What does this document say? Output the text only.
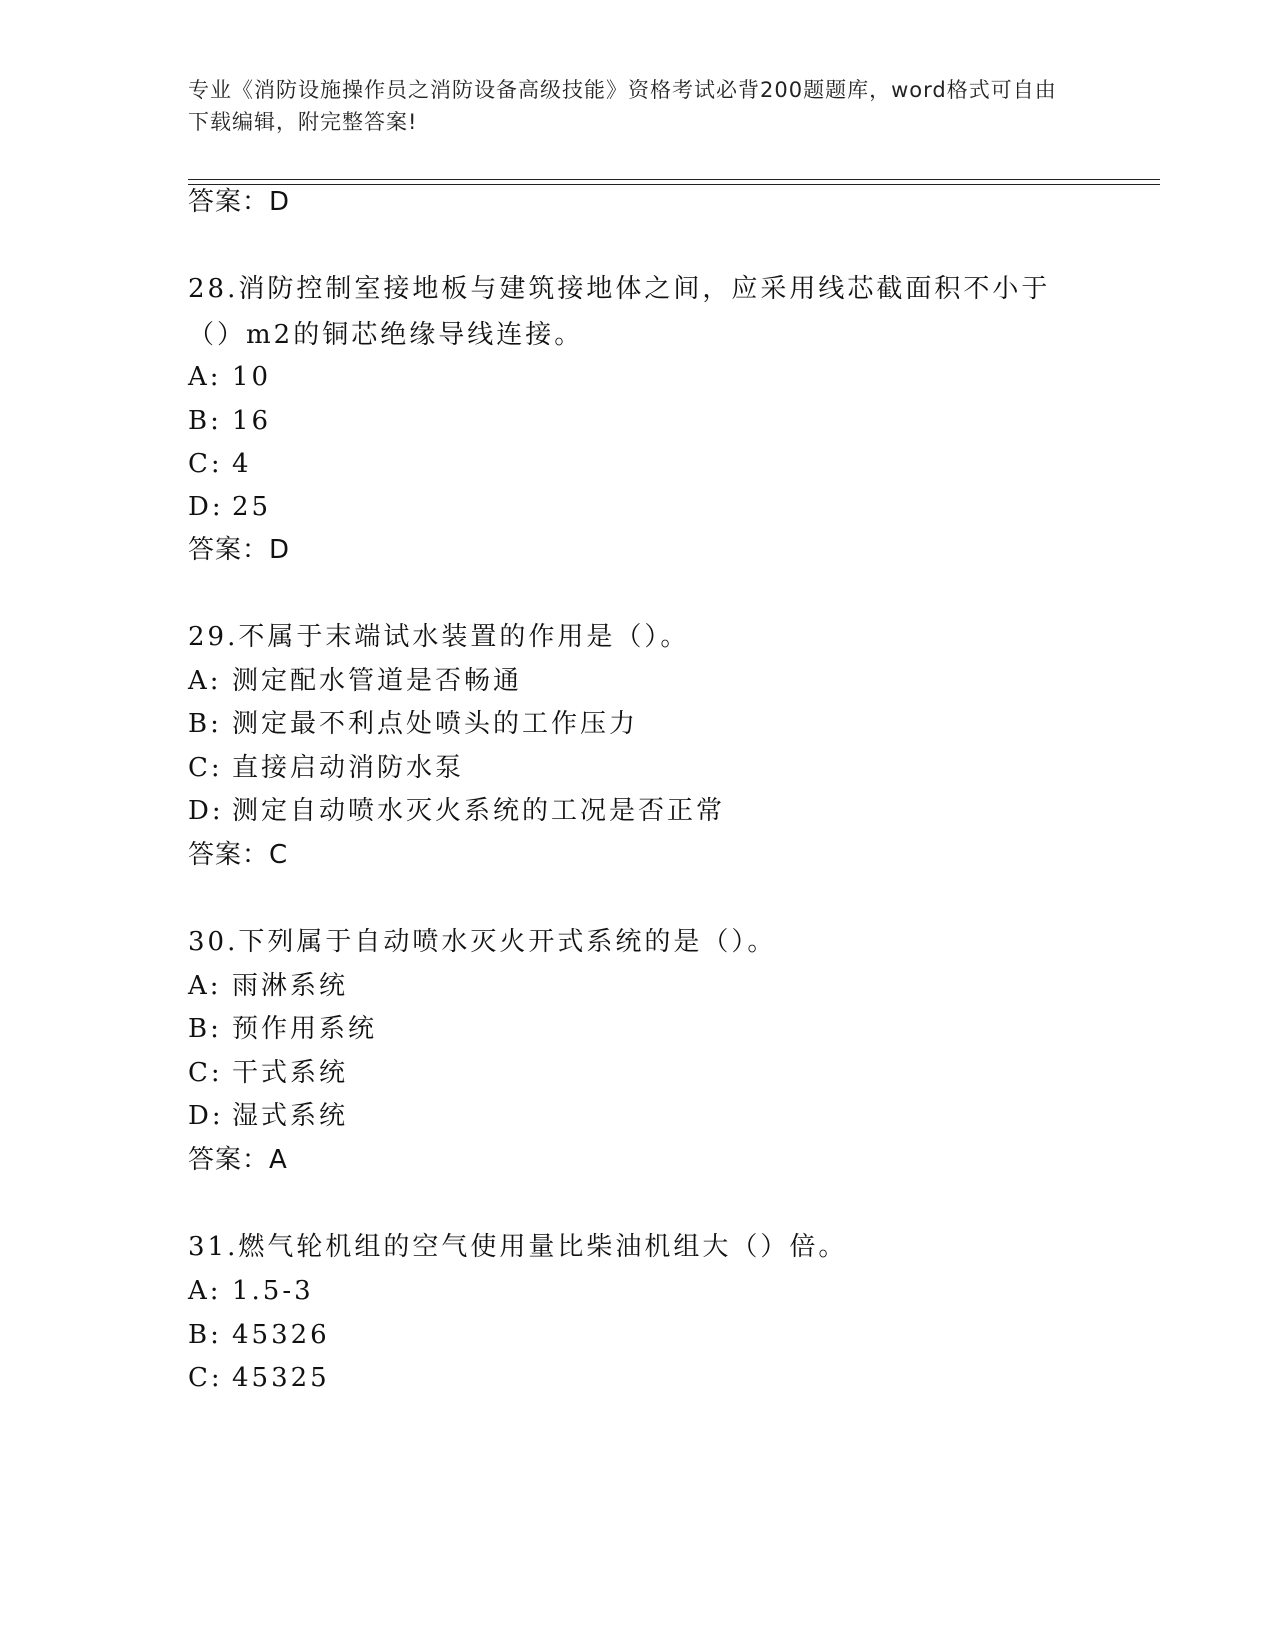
专业《消防设施操作员之消防设备高级技能》资格考试必背200题题库，word格式可自由下载编辑，附完整答案!
答案：D
28.消防控制室接地板与建筑接地体之间，应采用线芯截面积不小于（）m2的铜芯绝缘导线连接。
A: 10
B: 16
C: 4
D: 25
答案：D
29.不属于末端试水装置的作用是（）。
A: 测定配水管道是否畅通
B: 测定最不利点处喷头的工作压力
C: 直接启动消防水泵
D: 测定自动喷水灭火系统的工况是否正常
答案：C
30.下列属于自动喷水灭火开式系统的是（）。
A: 雨淋系统
B: 预作用系统
C: 干式系统
D: 湿式系统
答案：A
31.燃气轮机组的空气使用量比柴油机组大（）倍。
A: 1.5-3
B: 45326
C: 45325
